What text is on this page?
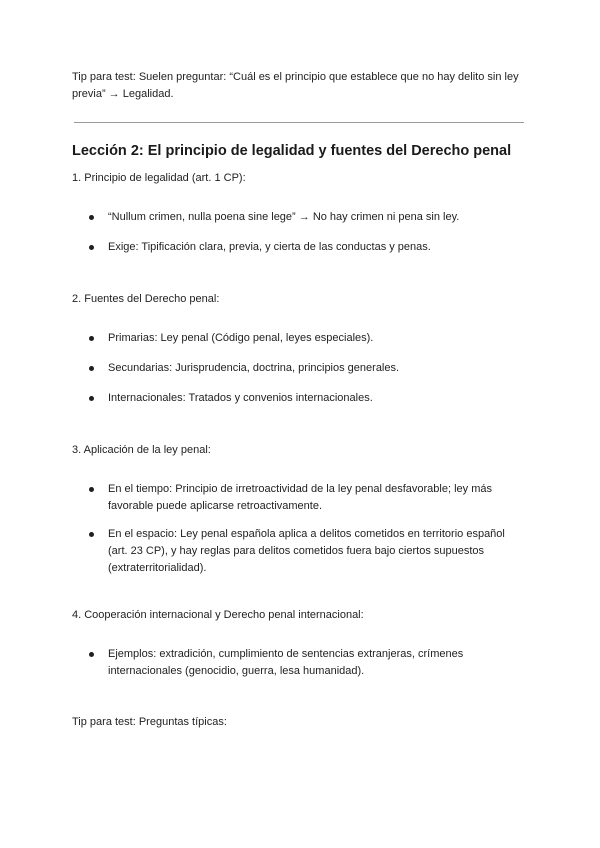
Tip para test: Suelen preguntar: “Cuál es el principio que establece que no hay delito sin ley previa” → Legalidad.

Lección 2: El principio de legalidad y fuentes del Derecho penal

1. Principio de legalidad (art. 1 CP):

“Nullum crimen, nulla poena sine lege” → No hay crimen ni pena sin ley.

Exige: Tipificación clara, previa, y cierta de las conductas y penas.

2. Fuentes del Derecho penal:

Primarias: Ley penal (Código penal, leyes especiales).

Secundarias: Jurisprudencia, doctrina, principios generales.

Internacionales: Tratados y convenios internacionales.

3. Aplicación de la ley penal:

En el tiempo: Principio de irretroactividad de la ley penal desfavorable; ley más favorable puede aplicarse retroactivamente.

En el espacio: Ley penal española aplica a delitos cometidos en territorio español (art. 23 CP), y hay reglas para delitos cometidos fuera bajo ciertos supuestos (extraterritorialidad).

4. Cooperación internacional y Derecho penal internacional:

Ejemplos: extradición, cumplimiento de sentencias extranjeras, crímenes internacionales (genocidio, guerra, lesa humanidad).

Tip para test: Preguntas típicas:
